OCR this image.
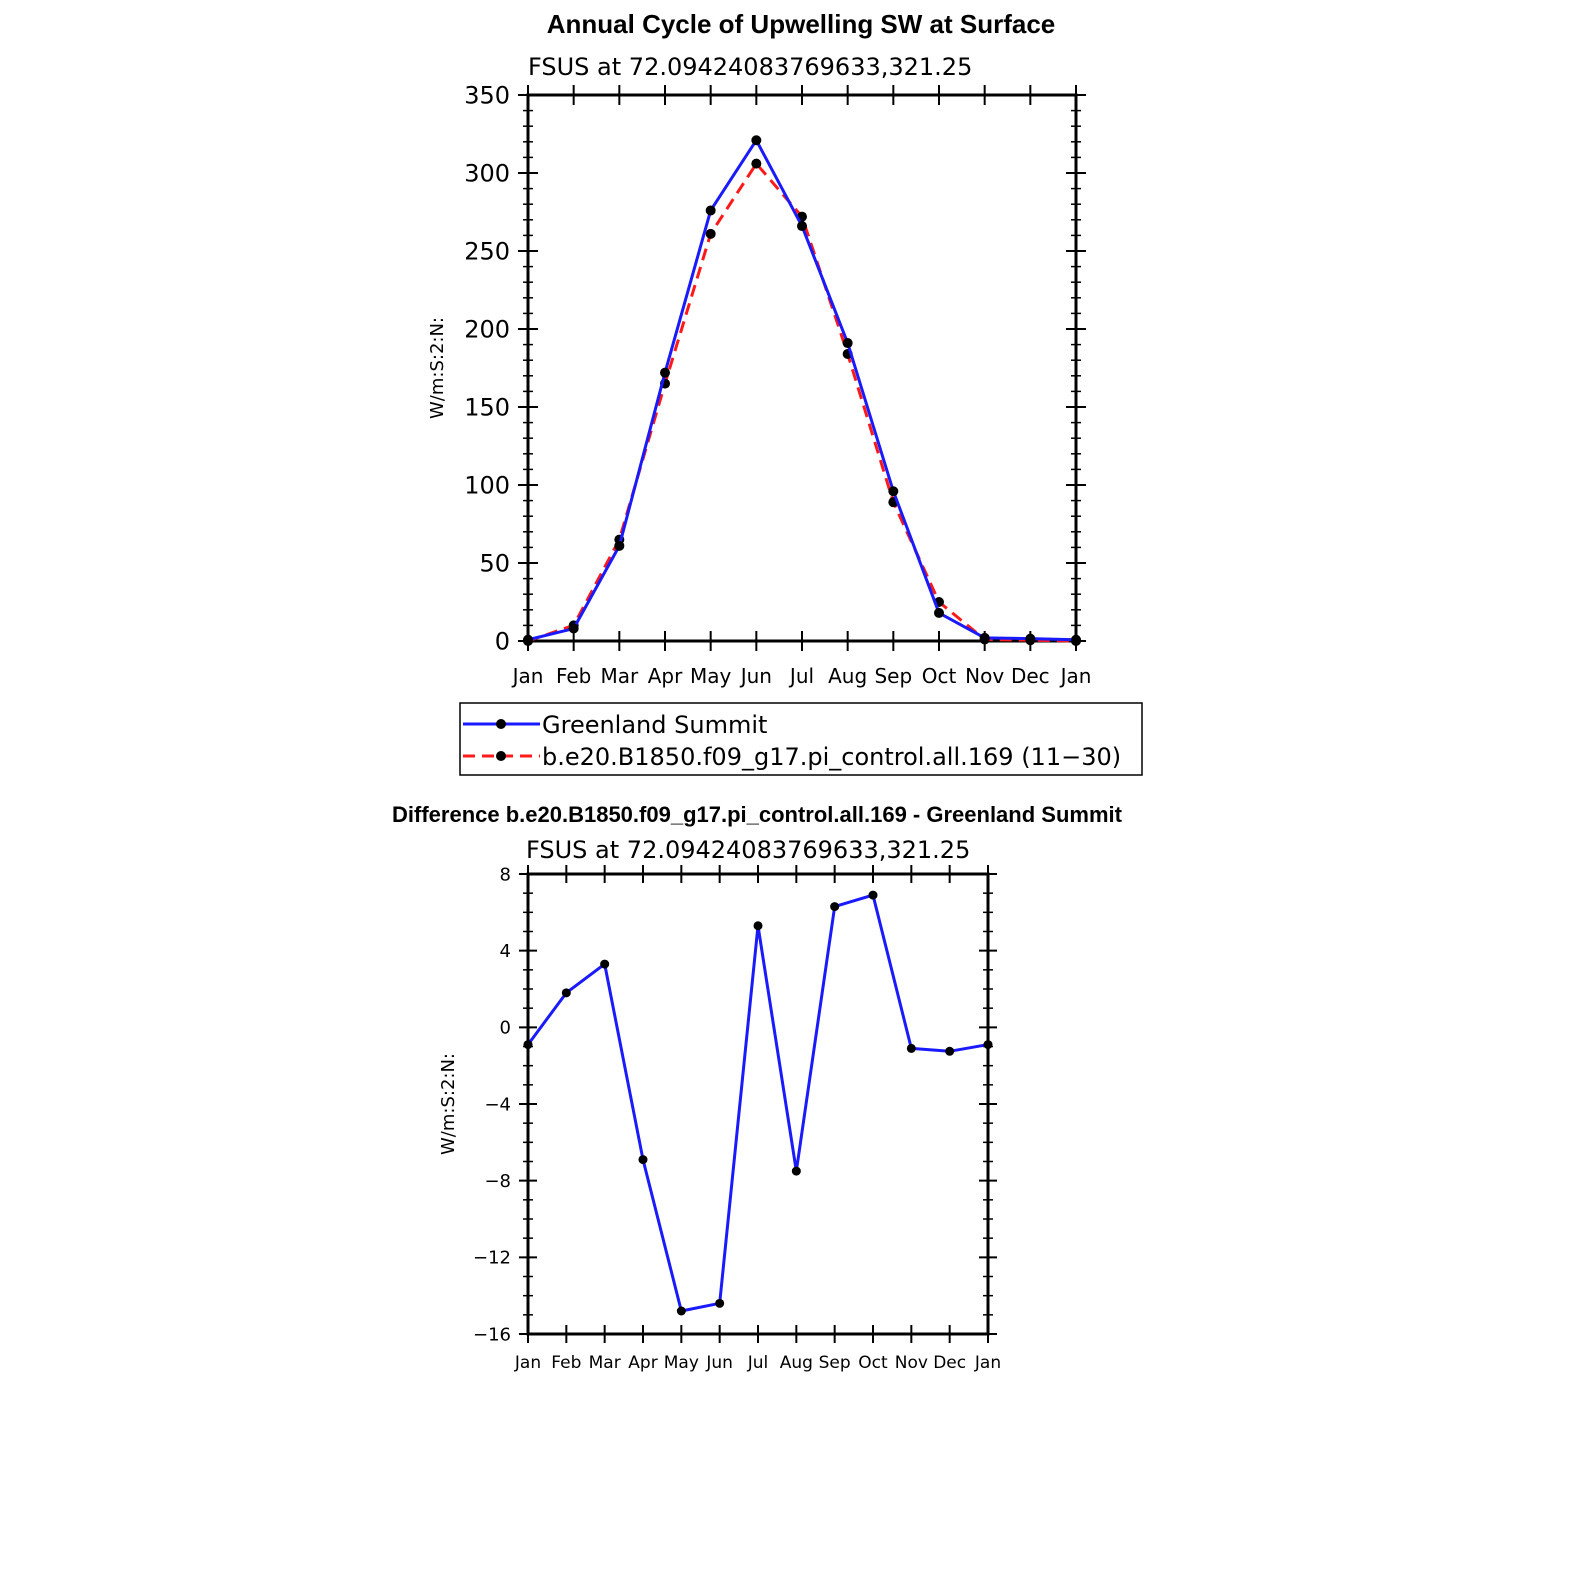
Annual Cycle of Upwelling SW at Surface
FSUS at 72.09424083769633,321.25
W/m:S:2:N:
0
50
100
150
200
250
300
350
Jan Feb Mar Apr May Jun Jul Aug Sep Oct Nov Dec Jan
Greenland Summit
b.e20.B1850.f09_g17.pi_control.all.169 (11−30)
Difference b.e20.B1850.f09_g17.pi_control.all.169 - Greenland Summit
FSUS at 72.09424083769633,321.25
W/m:S:2:N:
−16
−12
−8
−4
0
4
8
Jan Feb Mar Apr May Jun Jul Aug Sep Oct Nov Dec Jan
